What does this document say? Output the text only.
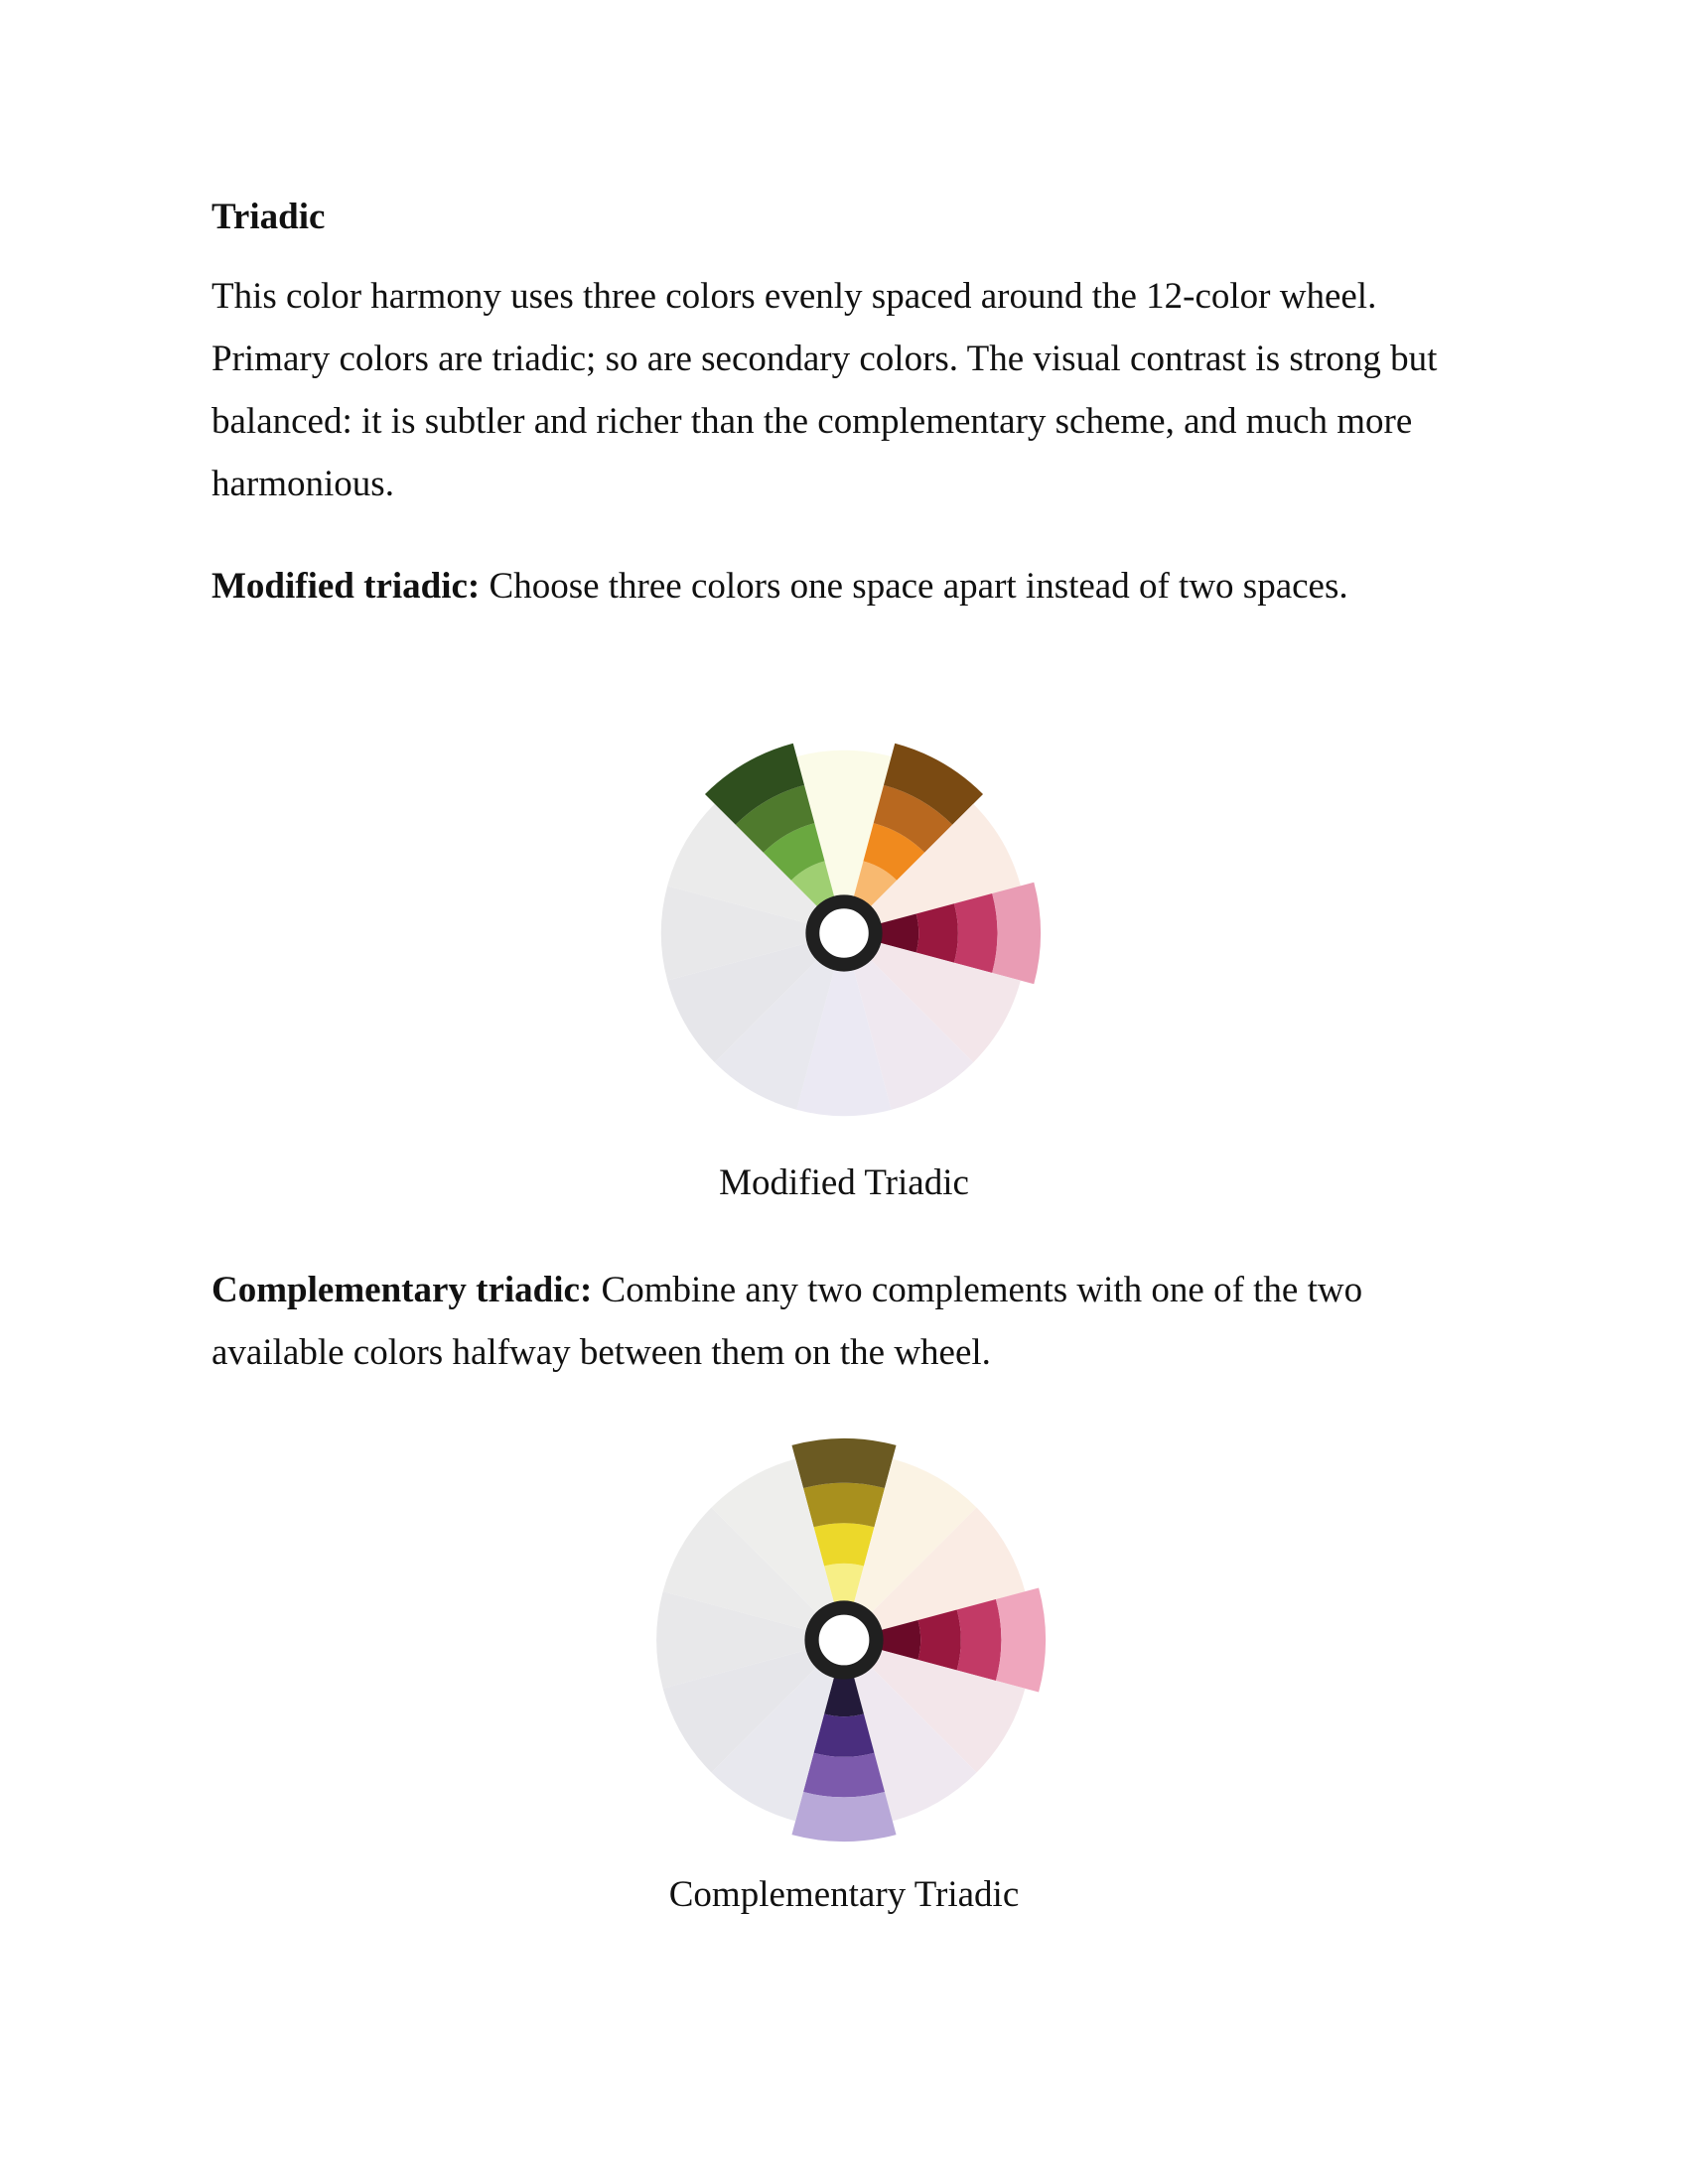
Triadic

This color harmony uses three colors evenly spaced around the 12-color wheel. Primary colors are triadic; so are secondary colors. The visual contrast is strong but balanced: it is subtler and richer than the complementary scheme, and much more harmonious.

Modified triadic: Choose three colors one space apart instead of two spaces.

Modified Triadic

Complementary triadic: Combine any two complements with one of the two available colors halfway between them on the wheel.

Complementary Triadic
